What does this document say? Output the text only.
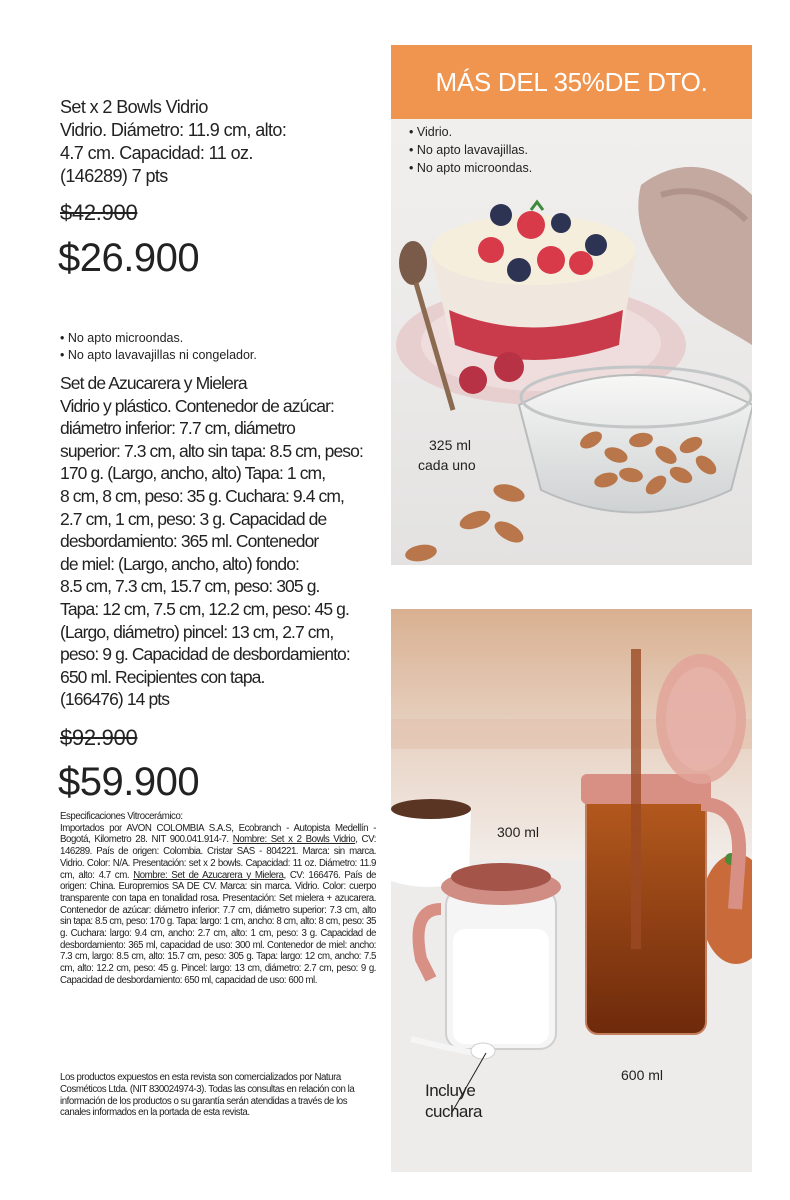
Set x 2 Bowls Vidrio
Vidrio. Diámetro: 11.9 cm, alto:
4.7 cm. Capacidad: 11 oz.
(146289) 7 pts
$42.900
$26.900
• No apto microondas.
• No apto lavavajillas ni congelador.
Set de Azucarera y Mielera
Vidrio y plástico. Contenedor de azúcar:
diámetro inferior: 7.7 cm, diámetro
superior: 7.3 cm, alto sin tapa: 8.5 cm, peso:
170 g. (Largo, ancho, alto) Tapa: 1 cm,
8 cm, 8 cm, peso: 35 g. Cuchara: 9.4 cm,
2.7 cm, 1 cm, peso: 3 g. Capacidad de
desbordamiento: 365 ml. Contenedor
de miel: (Largo, ancho, alto) fondo:
8.5 cm, 7.3 cm, 15.7 cm, peso: 305 g.
Tapa: 12 cm, 7.5 cm, 12.2 cm, peso: 45 g.
(Largo, diámetro) pincel: 13 cm, 2.7 cm,
peso: 9 g. Capacidad de desbordamiento:
650 ml. Recipientes con tapa.
(166476) 14 pts
$92.900
$59.900
Especificaciones Vitrocerámico:
Importados por AVON COLOMBIA S.A.S, Ecobranch - Autopista Medellín - Bogotá, Kilometro 28. NIT 900.041.914-7. Nombre: Set x 2 Bowls Vidrio, CV: 146289. País de origen: Colombia. Cristar SAS - 804221. Marca: sin marca. Vidrio. Color: N/A. Presentación: set x 2 bowls. Capacidad: 11 oz. Diámetro: 11.9 cm, alto: 4.7 cm. Nombre: Set de Azucarera y Mielera, CV: 166476. País de origen: China. Europremios SA DE CV. Marca: sin marca. Vidrio. Color: cuerpo transparente con tapa en tonalidad rosa. Presentación: Set mielera + azucarera. Contenedor de azúcar: diámetro inferior: 7.7 cm, diámetro superior: 7.3 cm, alto sin tapa: 8.5 cm, peso: 170 g. Tapa: largo: 1 cm, ancho: 8 cm, alto: 8 cm, peso: 35 g. Cuchara: largo: 9.4 cm, ancho: 2.7 cm, alto: 1 cm, peso: 3 g. Capacidad de desbordamiento: 365 ml, capacidad de uso: 300 ml. Contenedor de miel: ancho: 7.3 cm, largo: 8.5 cm, alto: 15.7 cm, peso: 305 g. Tapa: largo: 12 cm, ancho: 7.5 cm, alto: 12.2 cm, peso: 45 g. Pincel: largo: 13 cm, diámetro: 2.7 cm, peso: 9 g. Capacidad de desbordamiento: 650 ml, capacidad de uso: 600 ml.
Los productos expuestos en esta revista son comercializados por Natura Cosméticos Ltda. (NIT 830024974-3). Todas las consultas en relación con la información de los productos o su garantía serán atendidas a través de los canales informados en la portada de esta revista.
MÁS DEL 35%DE DTO.
• Vidrio.
• No apto lavavajillas.
• No apto microondas.
325 ml
cada uno
300 ml
600 ml
Incluye
cuchara
